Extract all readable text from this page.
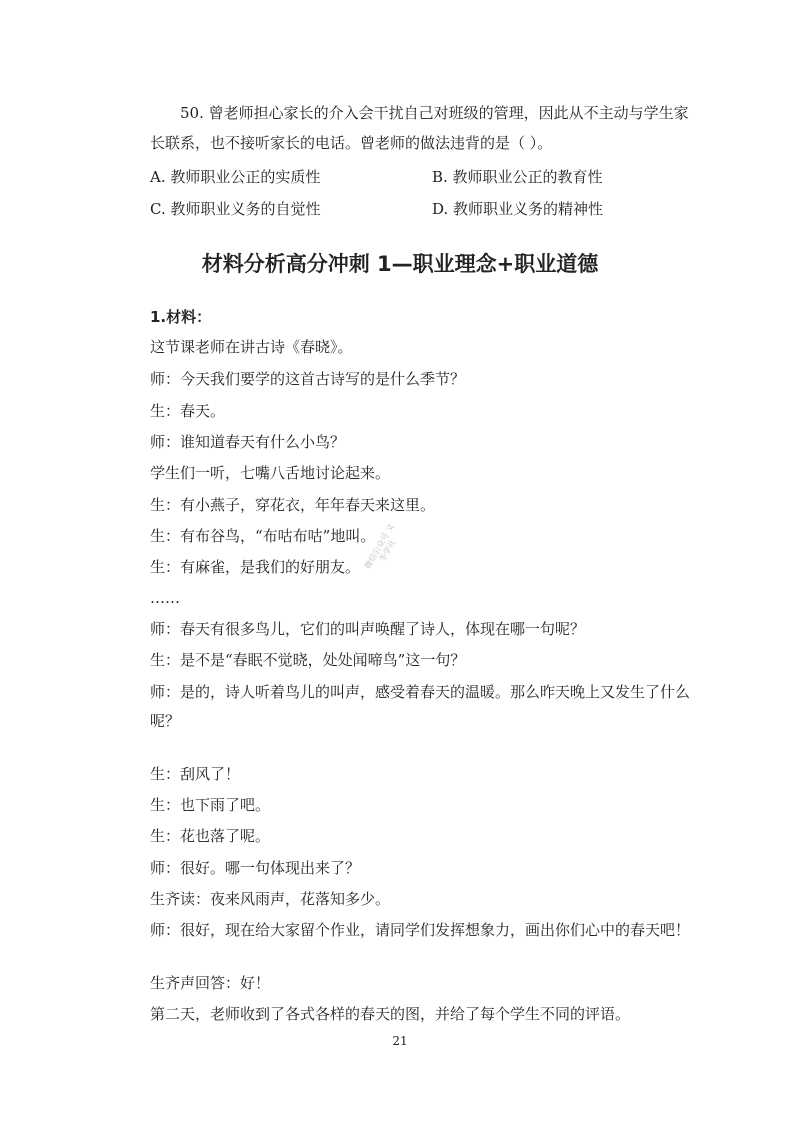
50. 曾老师担心家长的介入会干扰自己对班级的管理，因此从不主动与学生家长联系，也不接听家长的电话。曾老师的做法违背的是（ ）。
A. 教师职业公正的实质性	B. 教师职业公正的教育性
C. 教师职业义务的自觉性	D. 教师职业义务的精神性
材料分析高分冲刺 1—职业理念+职业道德
1.材料：
这节课老师在讲古诗《春晓》。
师：今天我们要学的这首古诗写的是什么季节？
生：春天。
师：谁知道春天有什么小鸟？
学生们一听，七嘴八舌地讨论起来。
生：有小燕子，穿花衣，年年春天来这里。
生：有布谷鸟，“布咕布咕”地叫。
生：有麻雀，是我们的好朋友。
……
师：春天有很多鸟儿，它们的叫声唤醒了诗人，体现在哪一句呢？
生：是不是“春眠不觉晓，处处闻啼鸟”这一句？
师：是的，诗人听着鸟儿的叫声，感受着春天的温暖。那么昨天晚上又发生了什么呢？
生：刮风了！
生：也下雨了吧。
生：花也落了呢。
师：很好。哪一句体现出来了？
生齐读：夜来风雨声，花落知多少。
师：很好，现在给大家留个作业，请同学们发挥想象力，画出你们心中的春天吧！
生齐声回答：好！
微信公众号 文冬学社
21
第二天，老师收到了各式各样的春天的图，并给了每个学生不同的评语。
